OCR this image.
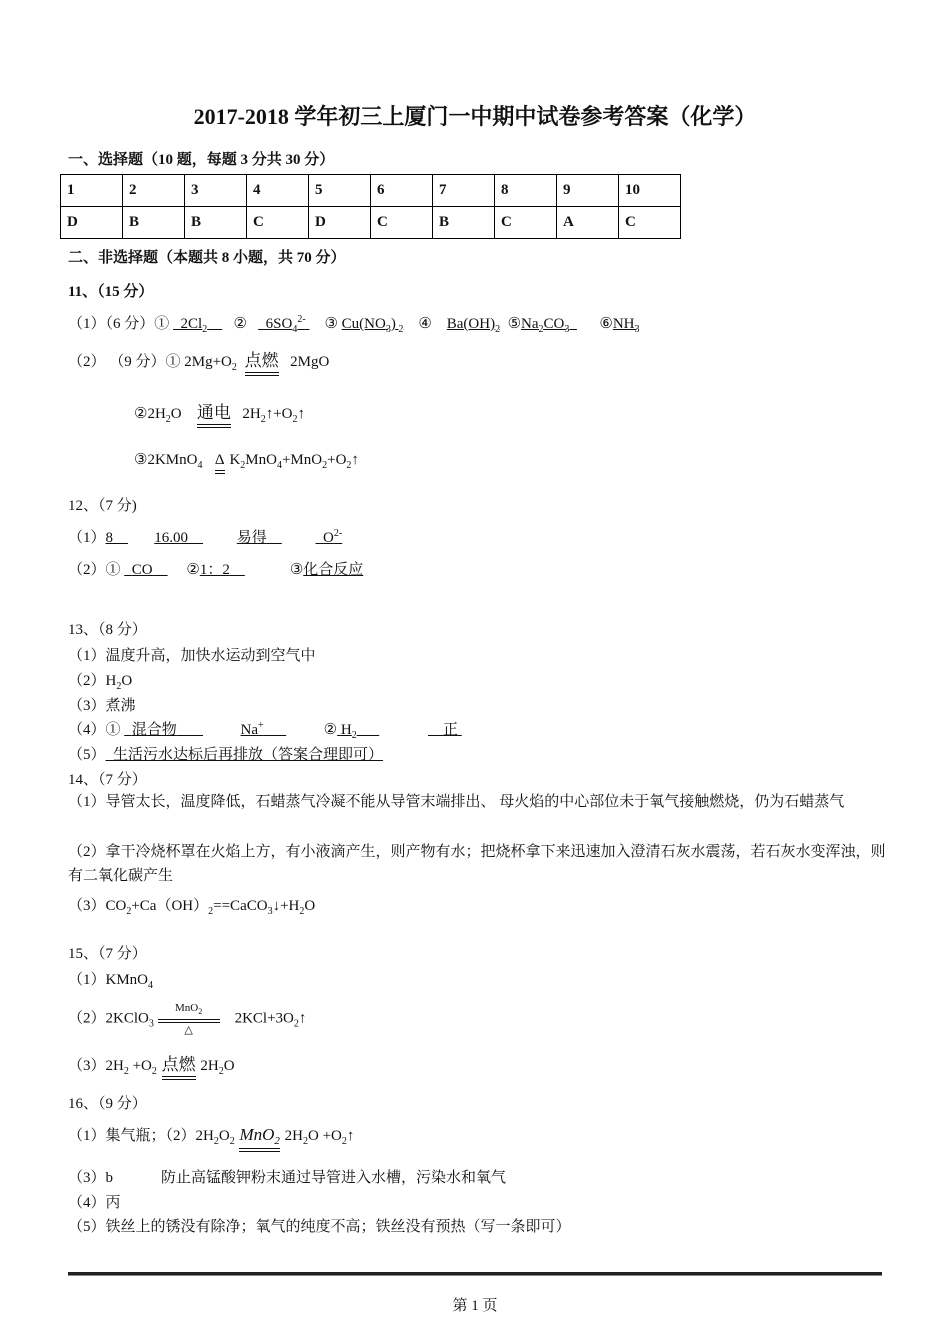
2017-2018 学年初三上厦门一中期中试卷参考答案（化学）
一、选择题（10 题，每题 3 分共 30 分）
1	2	3	4	5	6	7	8	9	10
D	B	B	C	D	C	B	C	A	C
二、非选择题（本题共 8 小题，共 70 分）
11、（15 分）
（1）（6 分）① $2Cl_2$       ②     $6SO_4^{2-}$     ③ $Cu(NO_3)$ $_2$    ④    $Ba(OH)_2$  $⑤Na_2CO_3$        $⑥NH_3$
（2） （9 分）① $2Mg+O_2$ 点燃 2MgO
$②2H_2O$   通电 $2H_2↑+O_2↑$
③2KMnO$_4$ Δ $K_2MnO_4+MnO_2+O_2↑$
12、（7 分)
（1）8	16.00	易得	$O^{2-}$
（2）① CO ②1：2	③化合反应
13、（8 分）
（1）温度升高，加快水运动到空气中
$(2)H_2O$
（3）煮沸
（4）① 混合物	Na+	② $H_2$	正
（5） 生活污水达标后再排放（答案合理即可）
14、（7 分）
（1）导管太长，温度降低，石蜡蒸气冷凝不能从导管末端排出、 母火焰的中心部位未于氧气接触燃烧，仍为石蜡蒸气
（2）拿干冷烧杯罩在火焰上方，有小液滴产生，则产物有水；把烧杯拿下来迅速加入澄清石灰水震荡，若石灰水变浑浊，则有二氧化碳产生
$(3)CO_2+Ca(OH)_2==CaCO_3↓+H_2O$
15、（7 分）
（1）KMnO$_4$
（2）2KClO$_3$ MnO$_2$
△    $2KCl+3O_2↑$
$(3)2H_2 +O_2$ 点燃 $2H_2O$
16、（9 分）
（1）集气瓶；$(2)2H_2O_2$ MnO$_2$ $2H_2O$ $+O_2↑$
（3）b	防止高锰酸钾粉末通过导管进入水槽，污染水和氧气
（4）丙
（5）铁丝上的锈没有除净；氧气的纯度不高；铁丝没有预热（写一条即可）
第 1 页
